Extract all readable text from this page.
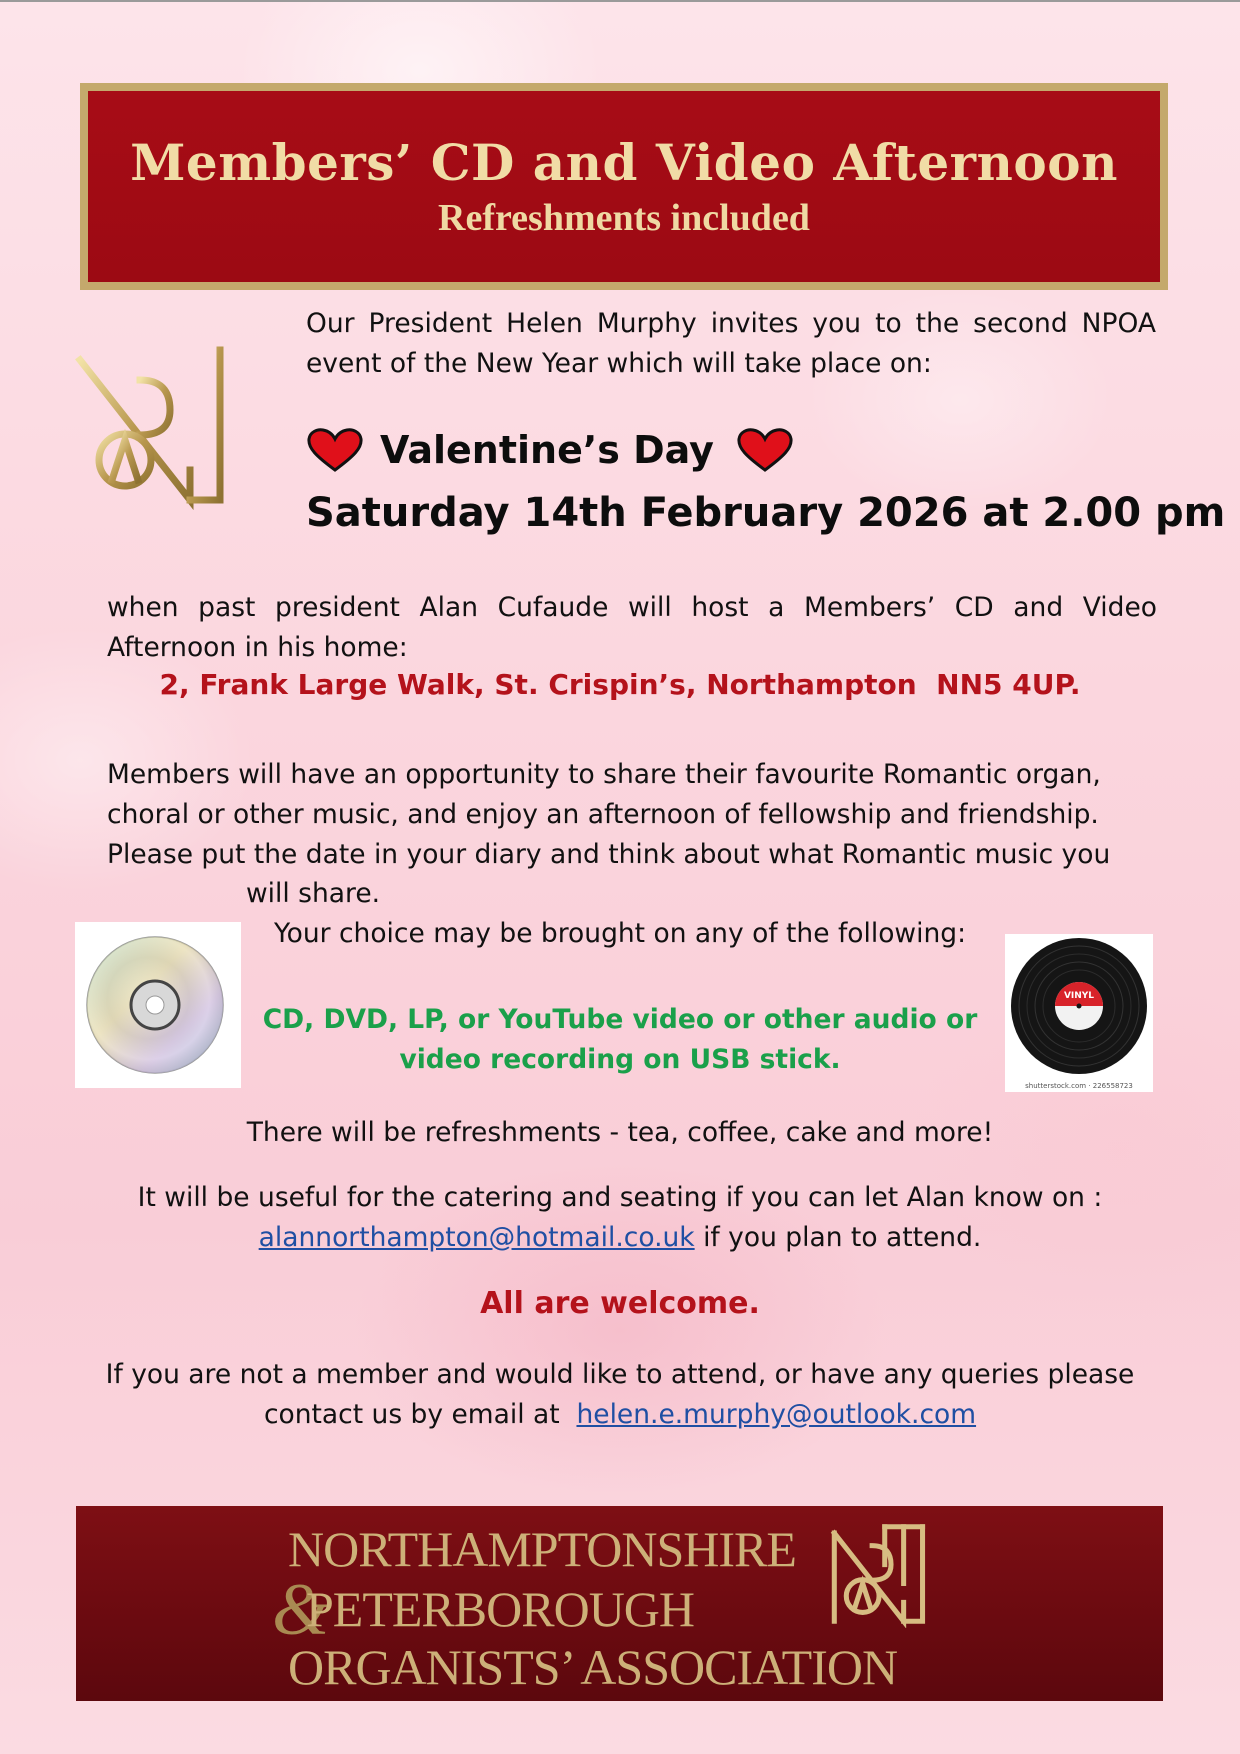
Members’ CD and Video Afternoon
Refreshments included
Our President Helen Murphy invites you to the second NPOA event of the New Year which will take place on:
Valentine’s Day
Saturday 14th February 2026 at 2.00 pm
when past president Alan Cufaude will host a Members’ CD and Video Afternoon in his home:
2, Frank Large Walk, St. Crispin’s, Northampton  NN5 4UP.
Members will have an opportunity to share their favourite Romantic organ,
choral or other music, and enjoy an afternoon of fellowship and friendship.
Please put the date in your diary and think about what Romantic music you
will share.
Your choice may be brought on any of the following:
CD, DVD, LP, or YouTube video or other audio or video recording on USB stick.
VINYL
shutterstock.com · 226558723
There will be refreshments - tea, coffee, cake and more!
It will be useful for the catering and seating if you can let Alan know on :
alannorthampton@hotmail.co.uk if you plan to attend.
All are welcome.
If you are not a member and would like to attend, or have any queries please
contact us by email at  helen.e.murphy@outlook.com
NORTHAMPTONSHIRE
&
PETERBOROUGH
ORGANISTS’ ASSOCIATION
